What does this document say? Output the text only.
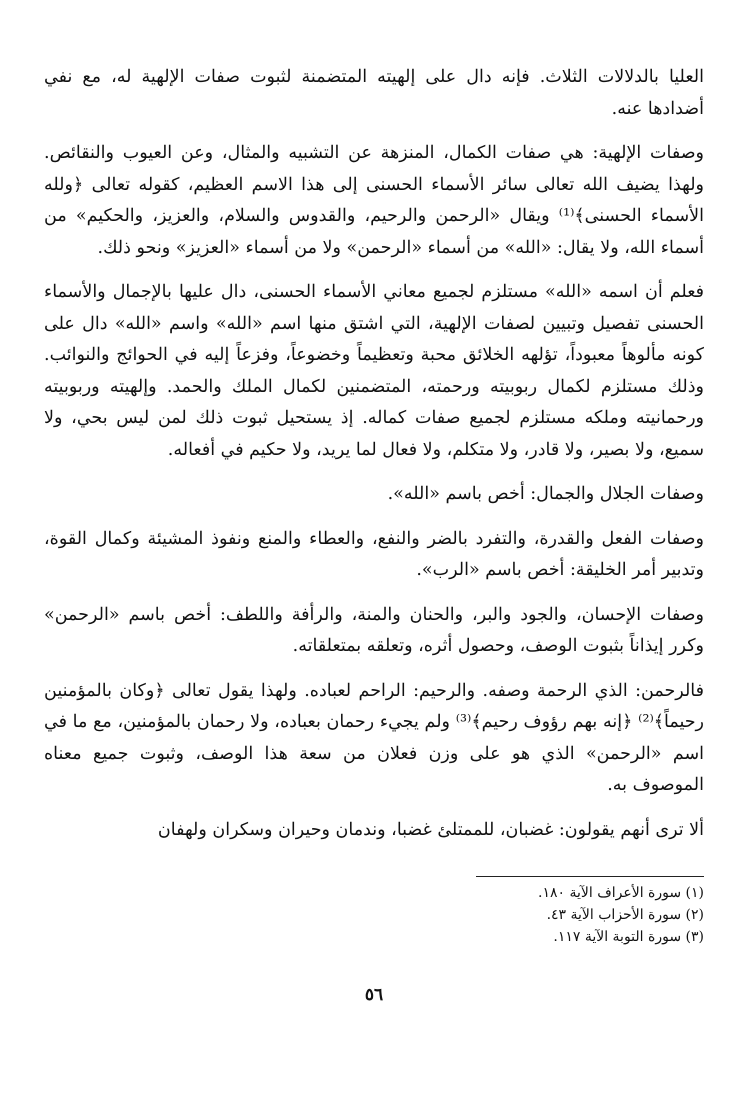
العليا بالدلالات الثلاث. فإنه دال على إلهيته المتضمنة لثبوت صفات الإلهية له، مع نفي أضدادها عنه.

وصفات الإلهية: هي صفات الكمال، المنزهة عن التشبيه والمثال، وعن العيوب والنقائص. ولهذا يضيف الله تعالى سائر الأسماء الحسنى إلى هذا الاسم العظيم، كقوله تعالى ﴿ولله الأسماء الحسنى﴾⁽¹⁾ ويقال «الرحمن والرحيم، والقدوس والسلام، والعزيز، والحكيم» من أسماء الله، ولا يقال: «الله» من أسماء «الرحمن» ولا من أسماء «العزيز» ونحو ذلك.

فعلم أن اسمه «الله» مستلزم لجميع معاني الأسماء الحسنى، دال عليها بالإجمال والأسماء الحسنى تفصيل وتبيين لصفات الإلهية، التي اشتق منها اسم «الله» واسم «الله» دال على كونه مألوهاً معبوداً، تؤلهه الخلائق محبة وتعظيماً وخضوعاً، وفزعاً إليه في الحوائج والنوائب. وذلك مستلزم لكمال ربوبيته ورحمته، المتضمنين لكمال الملك والحمد. وإلهيته وربوبيته ورحمانيته وملكه مستلزم لجميع صفات كماله. إذ يستحيل ثبوت ذلك لمن ليس بحي، ولا سميع، ولا بصير، ولا قادر، ولا متكلم، ولا فعال لما يريد، ولا حكيم في أفعاله.

وصفات الجلال والجمال: أخص باسم «الله».

وصفات الفعل والقدرة، والتفرد بالضر والنفع، والعطاء والمنع ونفوذ المشيئة وكمال القوة، وتدبير أمر الخليقة: أخص باسم «الرب».

وصفات الإحسان، والجود والبر، والحنان والمنة، والرأفة واللطف: أخص باسم «الرحمن» وكرر إيذاناً بثبوت الوصف، وحصول أثره، وتعلقه بمتعلقاته.

فالرحمن: الذي الرحمة وصفه. والرحيم: الراحم لعباده. ولهذا يقول تعالى ﴿وكان بالمؤمنين رحيماً﴾⁽²⁾ ﴿إنه بهم رؤوف رحيم﴾⁽³⁾ ولم يجيء رحمان بعباده، ولا رحمان بالمؤمنين، مع ما في اسم «الرحمن» الذي هو على وزن فعلان من سعة هذا الوصف، وثبوت جميع معناه الموصوف به.

ألا ترى أنهم يقولون: غضبان، للممتلئ غضبا، وندمان وحيران وسكران ولهفان

(١) سورة الأعراف الآية ١٨٠.

(٢) سورة الأحزاب الآية ٤٣.

(٣) سورة التوبة الآية ١١٧.

٥٦
